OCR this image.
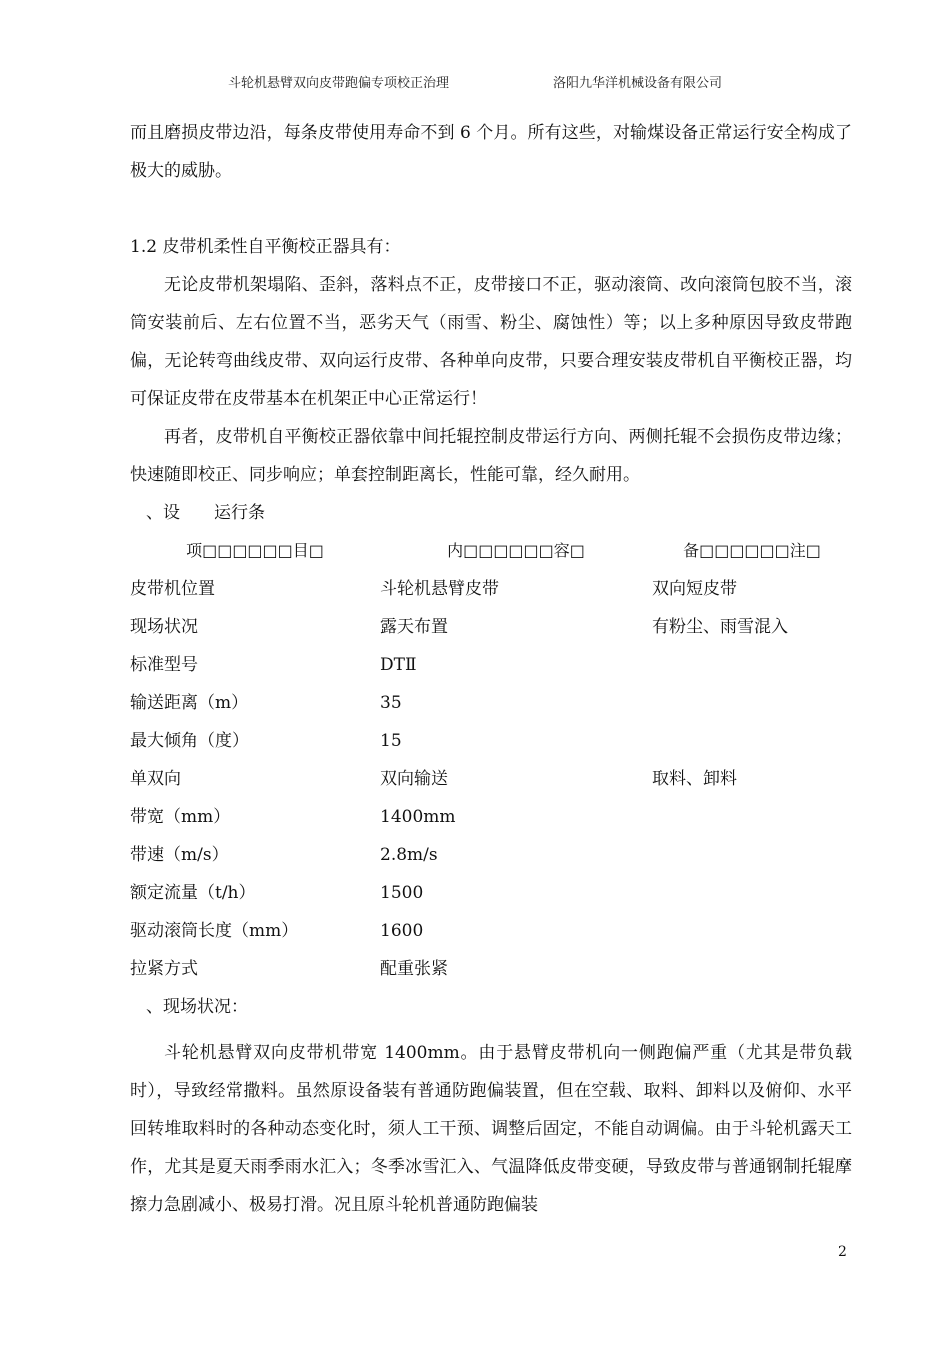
斗轮机悬臂双向皮带跑偏专项校正治理	洛阳九华洋机械设备有限公司

而且磨损皮带边沿，每条皮带使用寿命不到 6 个月。所有这些，对输煤设备正常运行安全构成了极大的威胁。

1.2 皮带机柔性自平衡校正器具有：

无论皮带机架塌陷、歪斜，落料点不正，皮带接口不正，驱动滚筒、改向滚筒包胶不当，滚筒安装前后、左右位置不当，恶劣天气（雨雪、粉尘、腐蚀性）等；以上多种原因导致皮带跑偏，无论转弯曲线皮带、双向运行皮带、各种单向皮带，只要合理安装皮带机自平衡校正器，均可保证皮带在皮带基本在机架正中心正常运行！

再者，皮带机自平衡校正器依靠中间托辊控制皮带运行方向、两侧托辊不会损伤皮带边缘；快速随即校正、同步响应；单套控制距离长，性能可靠，经久耐用。

、设　　运行条

项□□□□□□目□	内□□□□□□容□	备□□□□□□注□
皮带机位置	斗轮机悬臂皮带	双向短皮带
现场状况	露天布置	有粉尘、雨雪混入
标准型号	DTⅡ	
输送距离（m）	35	
最大倾角（度）	15	
单双向	双向输送	取料、卸料
带宽（mm）	1400mm	
带速（m/s）	2.8m/s	
额定流量（t/h）	1500	
驱动滚筒长度（mm）	1600	
拉紧方式	配重张紧	

、现场状况：

斗轮机悬臂双向皮带机带宽 1400mm。由于悬臂皮带机向一侧跑偏严重（尤其是带负载时），导致经常撒料。虽然原设备装有普通防跑偏装置，但在空载、取料、卸料以及俯仰、水平回转堆取料时的各种动态变化时，须人工干预、调整后固定，不能自动调偏。由于斗轮机露天工作，尤其是夏天雨季雨水汇入；冬季冰雪汇入、气温降低皮带变硬，导致皮带与普通钢制托辊摩擦力急剧减小、极易打滑。况且原斗轮机普通防跑偏装

2
